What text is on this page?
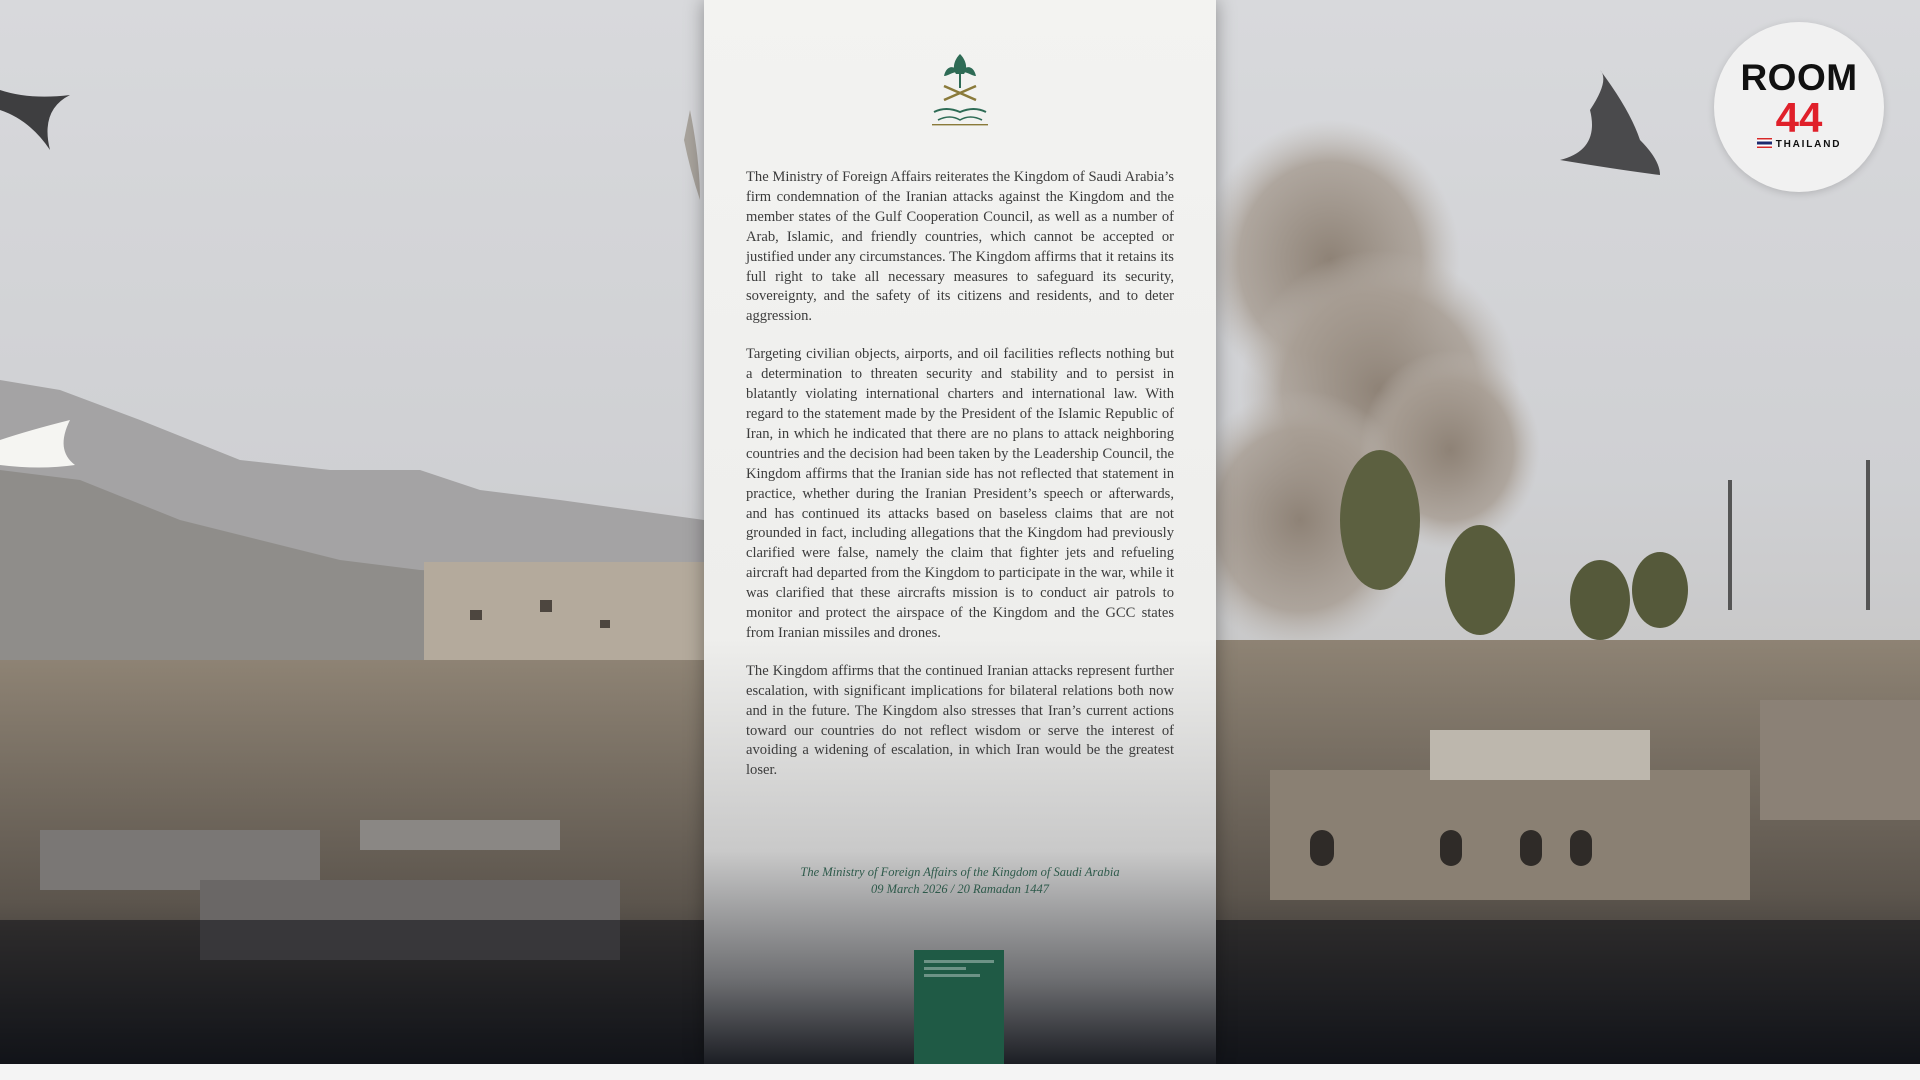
The Ministry of Foreign Affairs reiterates the Kingdom of Saudi Arabia’s firm condemnation of the Iranian attacks against the Kingdom and the member states of the Gulf Cooperation Council, as well as a number of Arab, Islamic, and friendly countries, which cannot be accepted or justified under any circumstances. The Kingdom affirms that it retains its full right to take all necessary measures to safeguard its security, sovereignty, and the safety of its citizens and residents, and to deter aggression.

Targeting civilian objects, airports, and oil facilities reflects nothing but a determination to threaten security and stability and to persist in blatantly violating international charters and international law. With regard to the statement made by the President of the Islamic Republic of Iran, in which he indicated that there are no plans to attack neighboring countries and the decision had been taken by the Leadership Council, the Kingdom affirms that the Iranian side has not reflected that statement in practice, whether during the Iranian President’s speech or afterwards, and has continued its attacks based on baseless claims that are not grounded in fact, including allegations that the Kingdom had previously clarified were false, namely the claim that fighter jets and refueling aircraft had departed from the Kingdom to participate in the war, while it was clarified that these aircrafts mission is to conduct air patrols to monitor and protect the airspace of the Kingdom and the GCC states from Iranian missiles and drones.

The Kingdom affirms that the continued Iranian attacks represent further escalation, with significant implications for bilateral relations both now and in the future. The Kingdom also stresses that Iran’s current actions toward our countries do not reflect wisdom or serve the interest of avoiding a widening of escalation, in which Iran would be the greatest loser.

The Ministry of Foreign Affairs of the Kingdom of Saudi Arabia
09 March 2026 / 20 Ramadan 1447
ROOM
44
THAILAND
